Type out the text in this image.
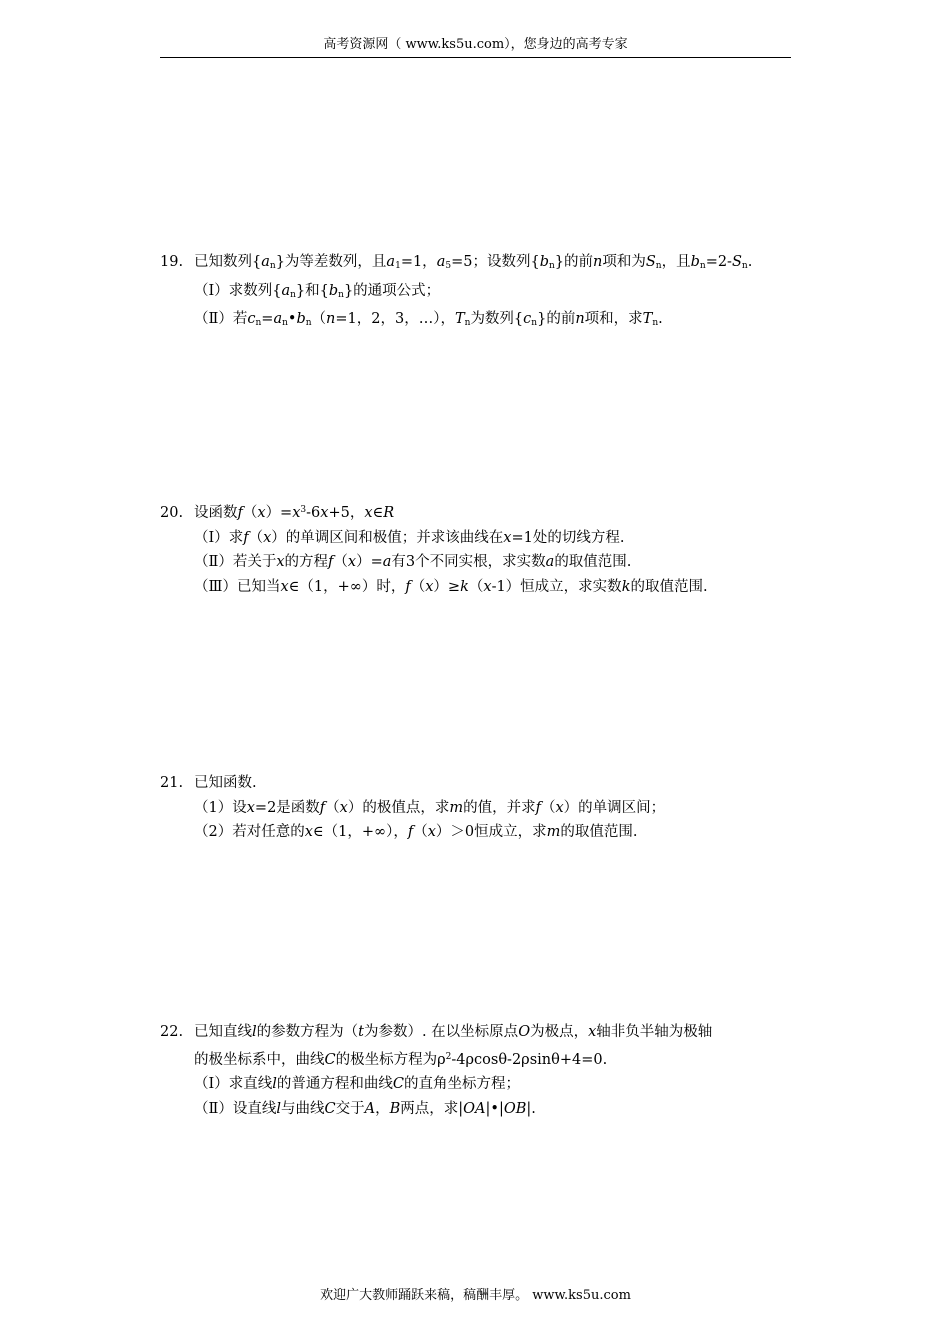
高考资源网（ www.ks5u.com），您身边的高考专家
19. 已知数列$\{a_n\}$为等差数列，且$a_1=1$，$a_5=5$；设数列$\{b_n\}$的前n项和为$S_n$，且$b_n=2-S_n$.
（Ⅰ）求数列$\{a_n\}$和$\{b_n\}$的通项公式；
（Ⅱ）若$c_n=a_n•b_n(n=1$，2，3，…），$T_n$为数列$\{c_n\}$的前n项和，求$T_n$.
20. 设函数$f(x)=x^3-6x+5$，x∈R
（Ⅰ）求f（x）的单调区间和极值；并求该曲线在x=1处的切线方程.
（Ⅱ）若关于x的方程f（x）=a有3个不同实根，求实数a的取值范围.
（Ⅲ）已知当x∈（1，+∞）时，f（x）≥k（x-1）恒成立，求实数k的取值范围.
21. 已知函数.
（1）设x=2是函数f（x）的极值点，求m的值，并求f（x）的单调区间；
（2）若对任意的x∈（1，+∞），f（x）＞0恒成立，求m的取值范围.
22. 已知直线l的参数方程为（t为参数）. 在以坐标原点O为极点，x轴非负半轴为极轴
的极坐标系中，曲线C的极坐标方程为$\rho^2-4\rho\cos\theta-2\rho\sin\theta+4=0$.
（Ⅰ）求直线l的普通方程和曲线C的直角坐标方程；
（Ⅱ）设直线l与曲线C交于A，B两点，求|OA|•|OB|.
欢迎广大教师踊跃来稿，稿酬丰厚。 www.ks5u.com
